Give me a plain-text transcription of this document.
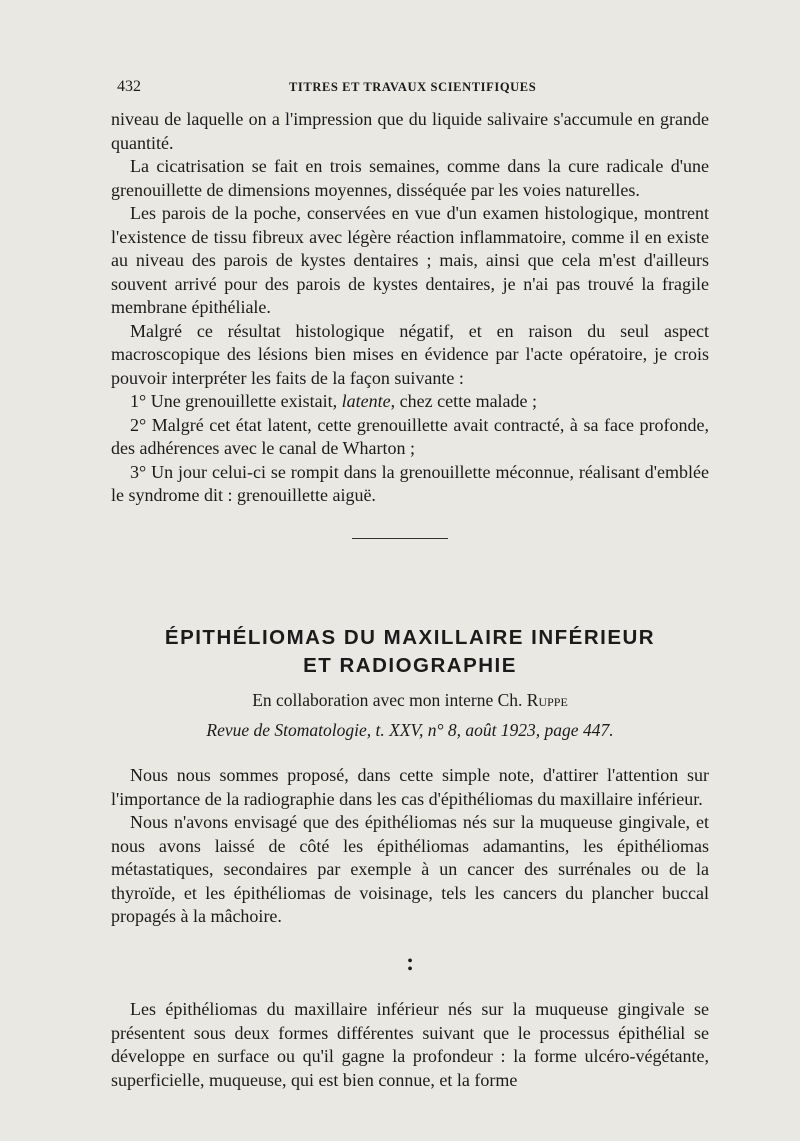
432	TITRES ET TRAVAUX SCIENTIFIQUES

niveau de laquelle on a l'impression que du liquide salivaire s'accumule en grande quantité.

La cicatrisation se fait en trois semaines, comme dans la cure radicale d'une grenouillette de dimensions moyennes, disséquée par les voies naturelles.

Les parois de la poche, conservées en vue d'un examen histologique, montrent l'existence de tissu fibreux avec légère réaction inflammatoire, comme il en existe au niveau des parois de kystes dentaires ; mais, ainsi que cela m'est d'ailleurs souvent arrivé pour des parois de kystes dentaires, je n'ai pas trouvé la fragile membrane épithéliale.

Malgré ce résultat histologique négatif, et en raison du seul aspect macroscopique des lésions bien mises en évidence par l'acte opératoire, je crois pouvoir interpréter les faits de la façon suivante :

1° Une grenouillette existait, latente, chez cette malade ;

2° Malgré cet état latent, cette grenouillette avait contracté, à sa face profonde, des adhérences avec le canal de Wharton ;

3° Un jour celui-ci se rompit dans la grenouillette méconnue, réalisant d'emblée le syndrome dit : grenouillette aiguë.

ÉPITHÉLIOMAS DU MAXILLAIRE INFÉRIEUR
ET RADIOGRAPHIE
En collaboration avec mon interne Ch. Ruppe
Revue de Stomatologie, t. XXV, n° 8, août 1923, page 447.

Nous nous sommes proposé, dans cette simple note, d'attirer l'attention sur l'importance de la radiographie dans les cas d'épithéliomas du maxillaire inférieur.

Nous n'avons envisagé que des épithéliomas nés sur la muqueuse gingivale, et nous avons laissé de côté les épithéliomas adamantins, les épithéliomas métastatiques, secondaires par exemple à un cancer des surrénales ou de la thyroïde, et les épithéliomas de voisinage, tels les cancers du plancher buccal propagés à la mâchoire.

•
•

Les épithéliomas du maxillaire inférieur nés sur la muqueuse gingivale se présentent sous deux formes différentes suivant que le processus épithélial se développe en surface ou qu'il gagne la profondeur : la forme ulcéro-végétante, superficielle, muqueuse, qui est bien connue, et la forme
